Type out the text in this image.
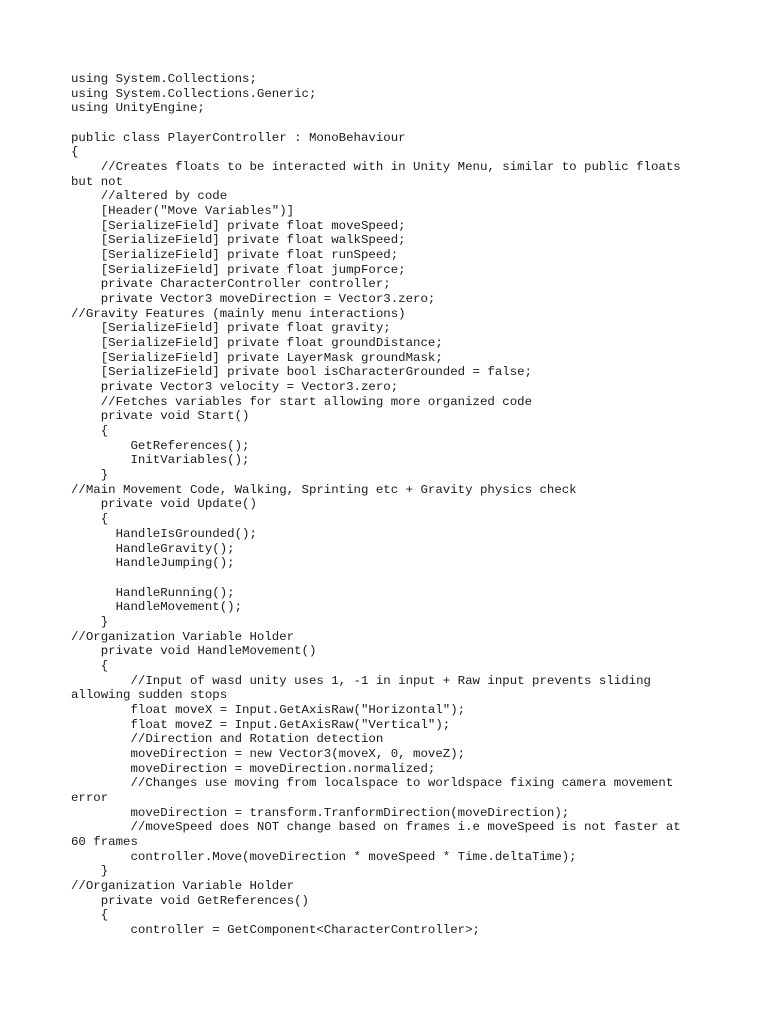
using System.Collections;
using System.Collections.Generic;
using UnityEngine;
public class PlayerController : MonoBehaviour
{
//Creates floats to be interacted with in Unity Menu, similar to public floats
but not
//altered by code
[Header("Move Variables")]
[SerializeField] private float moveSpeed;
[SerializeField] private float walkSpeed;
[SerializeField] private float runSpeed;
[SerializeField] private float jumpForce;
private CharacterController controller;
private Vector3 moveDirection = Vector3.zero;
//Gravity Features (mainly menu interactions)
[SerializeField] private float gravity;
[SerializeField] private float groundDistance;
[SerializeField] private LayerMask groundMask;
[SerializeField] private bool isCharacterGrounded = false;
private Vector3 velocity = Vector3.zero;
//Fetches variables for start allowing more organized code
private void Start()
{
GetReferences();
InitVariables();
}
//Main Movement Code, Walking, Sprinting etc + Gravity physics check
private void Update()
{
HandleIsGrounded();
HandleGravity();
HandleJumping();
HandleRunning();
HandleMovement();
}
//Organization Variable Holder
private void HandleMovement()
{
//Input of wasd unity uses 1, -1 in input + Raw input prevents sliding
allowing sudden stops
float moveX = Input.GetAxisRaw("Horizontal");
float moveZ = Input.GetAxisRaw("Vertical");
//Direction and Rotation detection
moveDirection = new Vector3(moveX, 0, moveZ);
moveDirection = moveDirection.normalized;
//Changes use moving from localspace to worldspace fixing camera movement
error
moveDirection = transform.TranformDirection(moveDirection);
//moveSpeed does NOT change based on frames i.e moveSpeed is not faster at
60 frames
controller.Move(moveDirection * moveSpeed * Time.deltaTime);
}
//Organization Variable Holder
private void GetReferences()
{
controller = GetComponent<CharacterController>;
